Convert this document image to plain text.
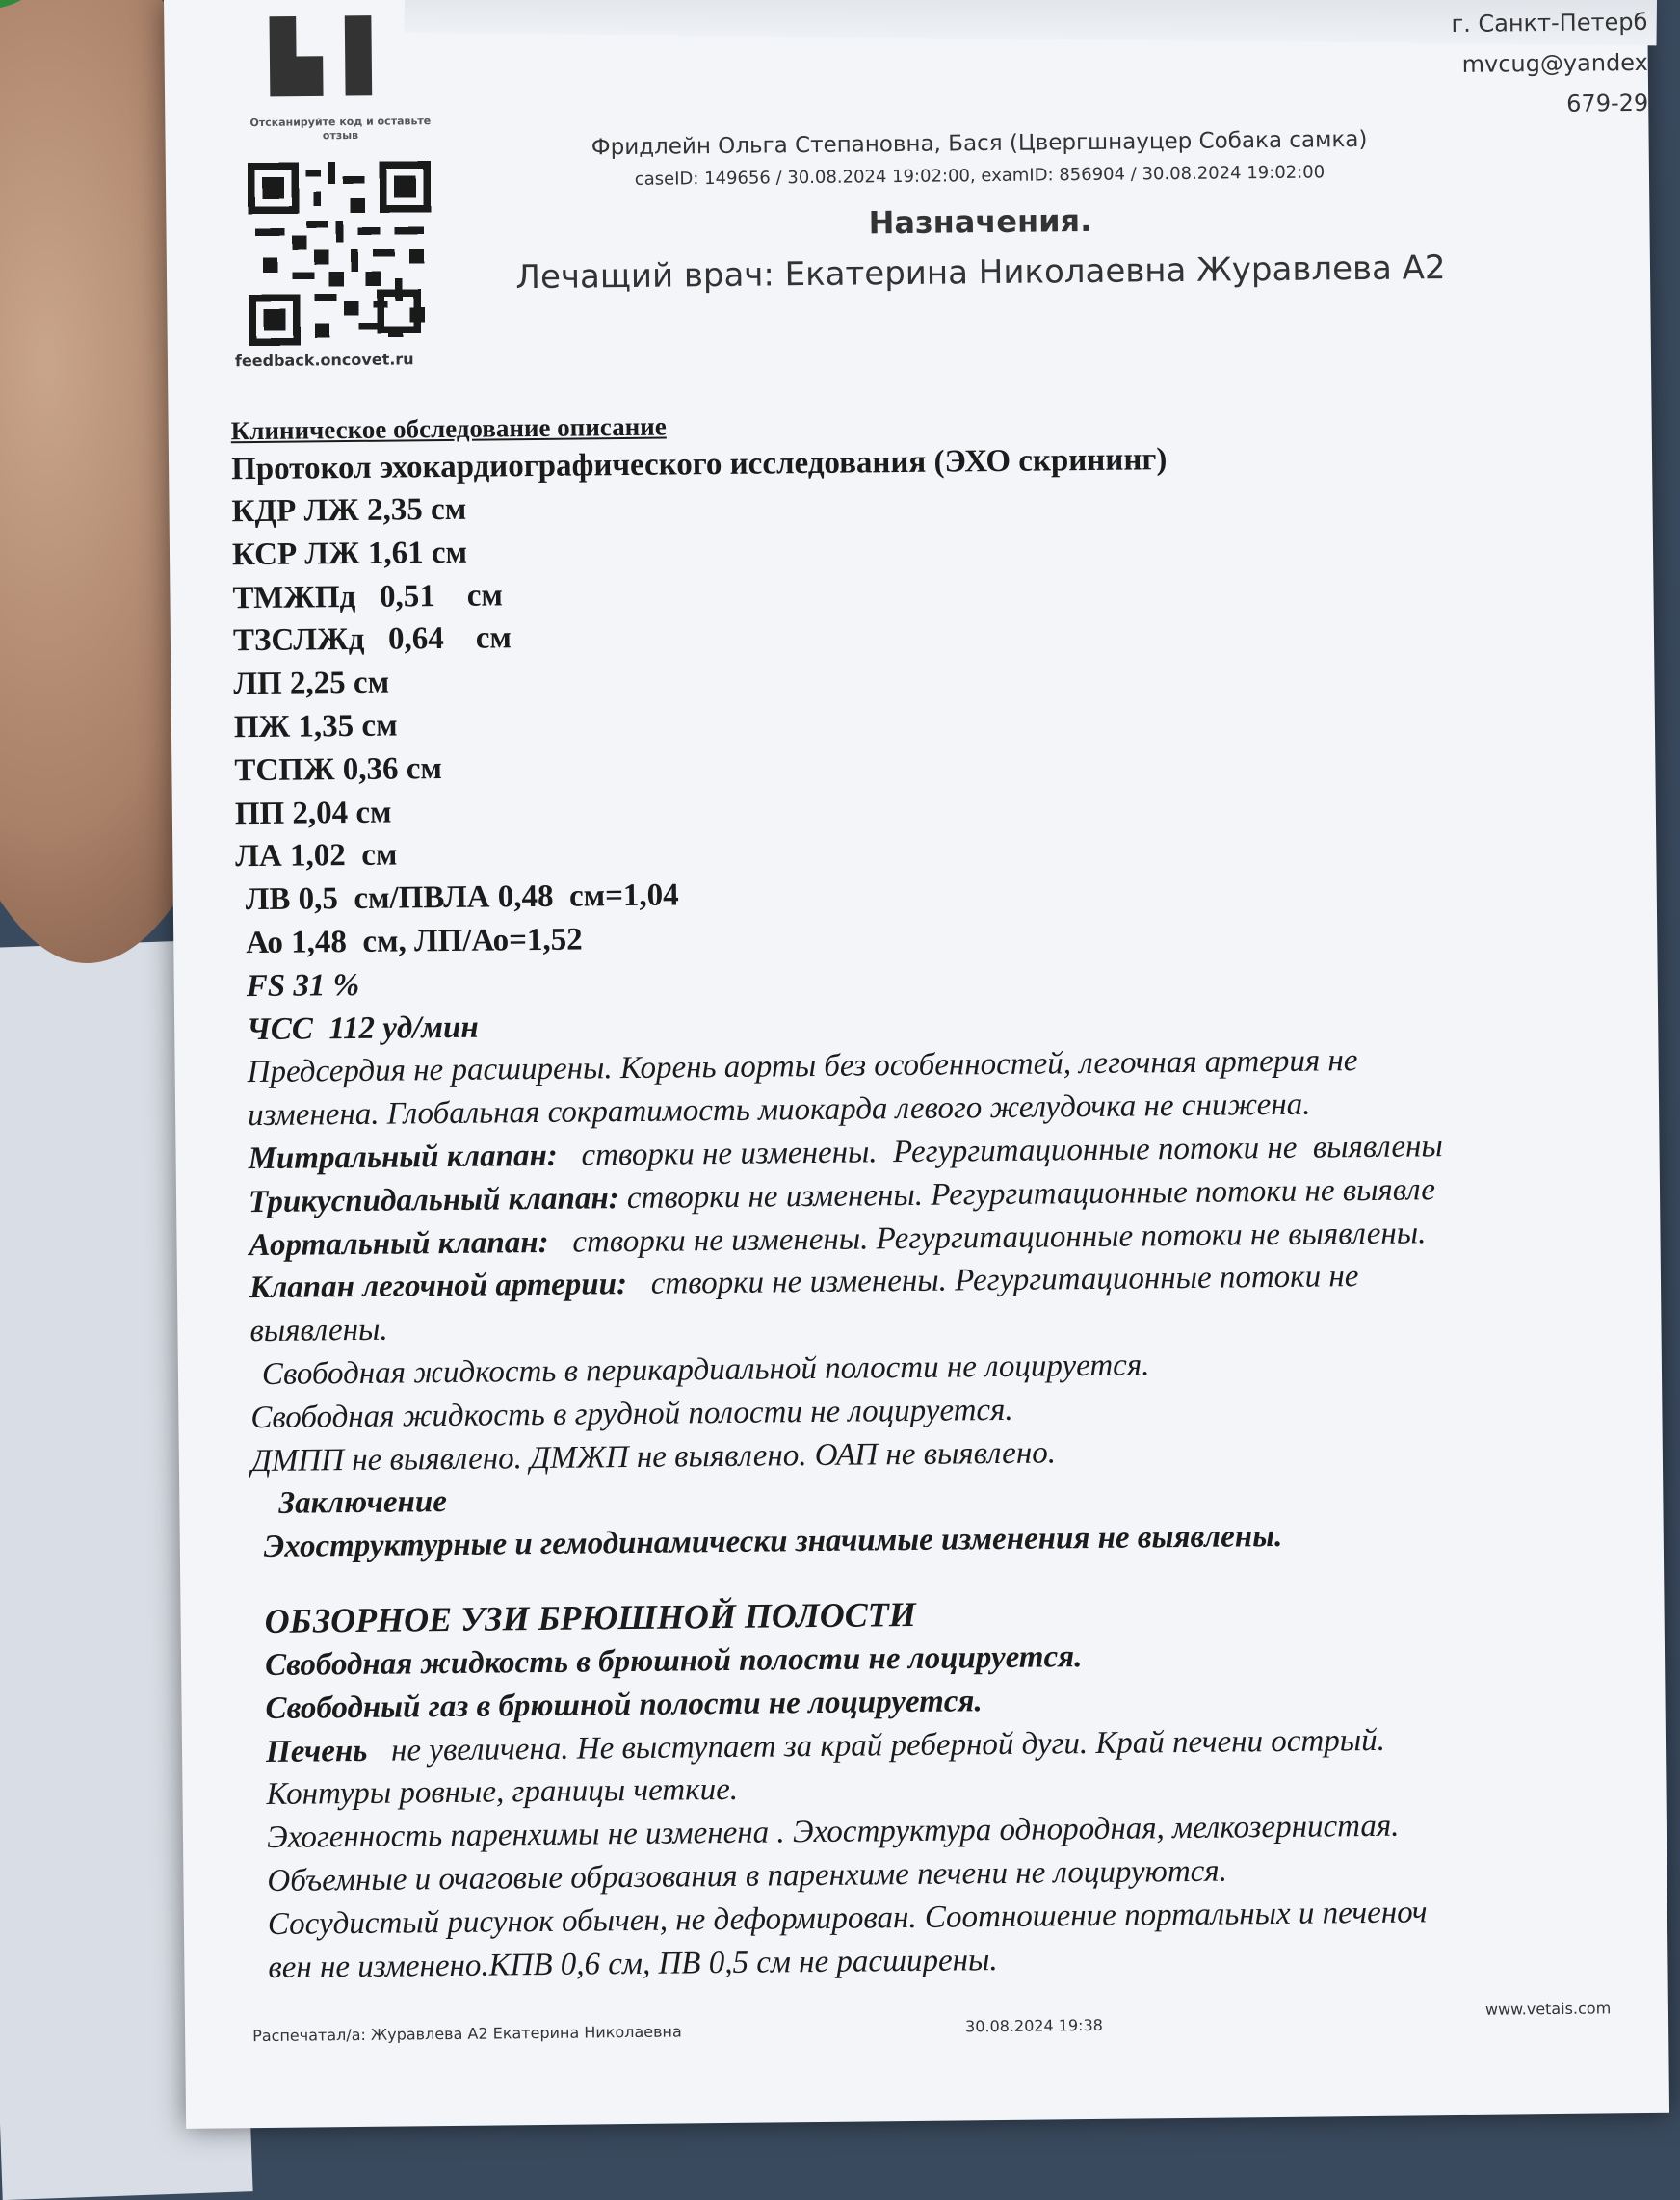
▙ ▌
Отсканируйте код и оставьте отзыв
feedback.oncovet.ru
г. Санкт-Петерб
mvcug@yandex
679-29
Фридлейн Ольга Степановна, Бася (Цвергшнауцер Собака самка)
caseID: 149656 / 30.08.2024 19:02:00, examID: 856904 / 30.08.2024 19:02:00
Назначения.
Лечащий врач: Екатерина Николаевна Журавлева А2
Клиническое обследование описание
Протокол эхокардиографического исследования (ЭХО скрининг)
КДР ЛЖ 2,35 см
КСР ЛЖ 1,61 см
ТМЖПд   0,51    см
ТЗСЛЖд   0,64    см
ЛП 2,25 см
ПЖ 1,35 см
ТСПЖ 0,36 см
ПП 2,04 см
ЛА 1,02  см
ЛВ 0,5  см/ПВЛА 0,48  см=1,04
Ао 1,48  см, ЛП/Ао=1,52
FS 31 %
ЧСС  112 уд/мин
Предсердия не расширены. Корень аорты без особенностей, легочная артерия не
изменена. Глобальная сократимость миокарда левого желудочка не снижена.
Митральный клапан:   створки не изменены.  Регургитационные потоки не  выявлены
Трикуспидальный клапан: створки не изменены. Регургитационные потоки не выявле
Аортальный клапан:   створки не изменены. Регургитационные потоки не выявлены.
Клапан легочной артерии:   створки не изменены. Регургитационные потоки не
выявлены.
Свободная жидкость в перикардиальной полости не лоцируется.
Свободная жидкость в грудной полости не лоцируется.
ДМПП не выявлено. ДМЖП не выявлено. ОАП не выявлено.
Заключение
Эхоструктурные и гемодинамически значимые изменения не выявлены.
ОБЗОРНОЕ УЗИ БРЮШНОЙ ПОЛОСТИ
Свободная жидкость в брюшной полости не лоцируется.
Свободный газ в брюшной полости не лоцируется.
Печень   не увеличена. Не выступает за край реберной дуги. Край печени острый.
Контуры ровные, границы четкие.
Эхогенность паренхимы не изменена . Эхоструктура однородная, мелкозернистая.
Объемные и очаговые образования в паренхиме печени не лоцируются.
Сосудистый рисунок обычен, не деформирован. Соотношение портальных и печеноч
вен не изменено.КПВ 0,6 см, ПВ 0,5 см не расширены.
Распечатал/а: Журавлева А2 Екатерина Николаевна	30.08.2024 19:38
www.vetais.com
